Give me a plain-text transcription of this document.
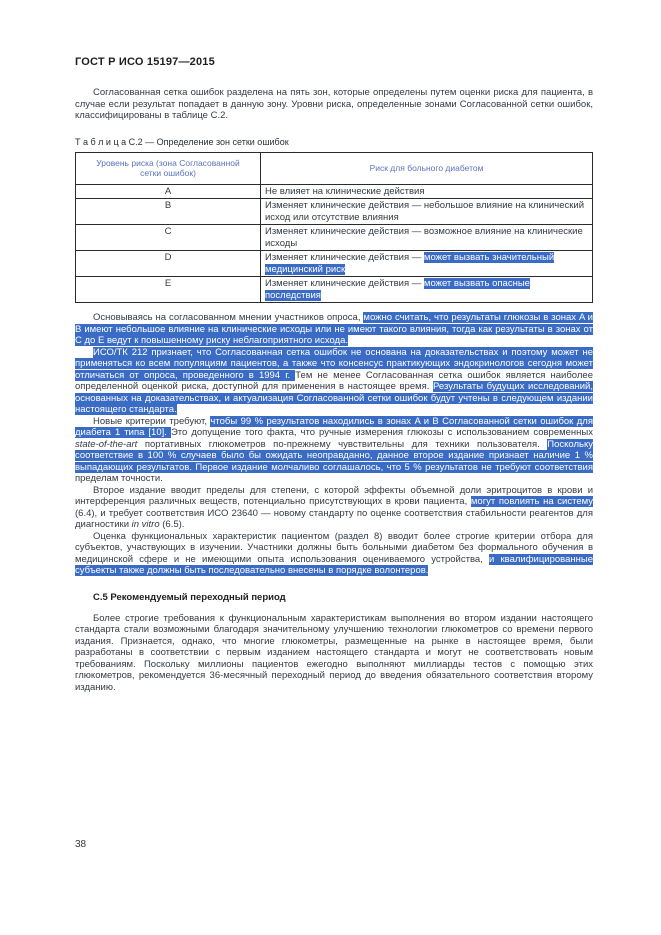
ГОСТ Р ИСО 15197—2015

Согласованная сетка ошибок разделена на пять зон, которые определены путем оценки риска для пациента, в случае если результат попадает в данную зону. Уровни риска, определенные зонами Согласованной сетки ошибок, классифицированы в таблице С.2.

Т а б л и ц а С.2 — Определение зон сетки ошибок

Уровень риска (зона Согласованной сетки ошибок)	Риск для больного диабетом
A	Не влияет на клинические действия
B	Изменяет клинические действия — небольшое влияние на клинический исход или отсутствие влияния
C	Изменяет клинические действия — возможное влияние на клинические исходы
D	Изменяет клинические действия — может вызвать значительный медицинский риск
E	Изменяет клинические действия — может вызвать опасные последствия

Основываясь на согласованном мнении участников опроса, можно считать, что результаты глюкозы в зонах A и B имеют небольшое влияние на клинические исходы или не имеют такого влияния, тогда как результаты в зонах от C до E ведут к повышенному риску неблагоприятного исхода.

ИСО/ТК 212 признает, что Согласованная сетка ошибок не основана на доказательствах и поэтому может не применяться ко всем популяциям пациентов, а также что консенсус практикующих эндокринологов сегодня может отличаться от опроса, проведенного в 1994 г. Тем не менее Согласованная сетка ошибок является наиболее определенной оценкой риска, доступной для применения в настоящее время. Результаты будущих исследований, основанных на доказательствах, и актуализация Согласованной сетки ошибок будут учтены в следующем издании настоящего стандарта.

Новые критерии требуют, чтобы 99 % результатов находились в зонах A и B Согласованной сетки ошибок для диабета 1 типа [10]. Это допущение того факта, что ручные измерения глюкозы с использованием современных state-of-the-art портативных глюкометров по-прежнему чувствительны для техники пользователя. Поскольку соответствие в 100 % случаев было бы ожидать неоправданно, данное второе издание признает наличие 1 % выпадающих результатов. Первое издание молчаливо соглашалось, что 5 % результатов не требуют соответствия пределам точности.

Второе издание вводит пределы для степени, с которой эффекты объемной доли эритроцитов в крови и интерференция различных веществ, потенциально присутствующих в крови пациента, могут повлиять на систему (6.4), и требует соответствия ИСО 23640 — новому стандарту по оценке соответствия стабильности реагентов для диагностики in vitro (6.5).

Оценка функциональных характеристик пациентом (раздел 8) вводит более строгие критерии отбора для субъектов, участвующих в изучении. Участники должны быть больными диабетом без формального обучения в медицинской сфере и не имеющими опыта использования оцениваемого устройства, и квалифицированные субъекты также должны быть последовательно внесены в порядке волонтеров.

С.5 Рекомендуемый переходный период

Более строгие требования к функциональным характеристикам выполнения во втором издании настоящего стандарта стали возможными благодаря значительному улучшению технологии глюкометров со времени первого издания. Признается, однако, что многие глюкометры, размещенные на рынке в настоящее время, были разработаны в соответствии с первым изданием настоящего стандарта и могут не соответствовать новым требованиям. Поскольку миллионы пациентов ежегодно выполняют миллиарды тестов с помощью этих глюкометров, рекомендуется 36-месячный переходный период до введения обязательного соответствия второму изданию.

38
